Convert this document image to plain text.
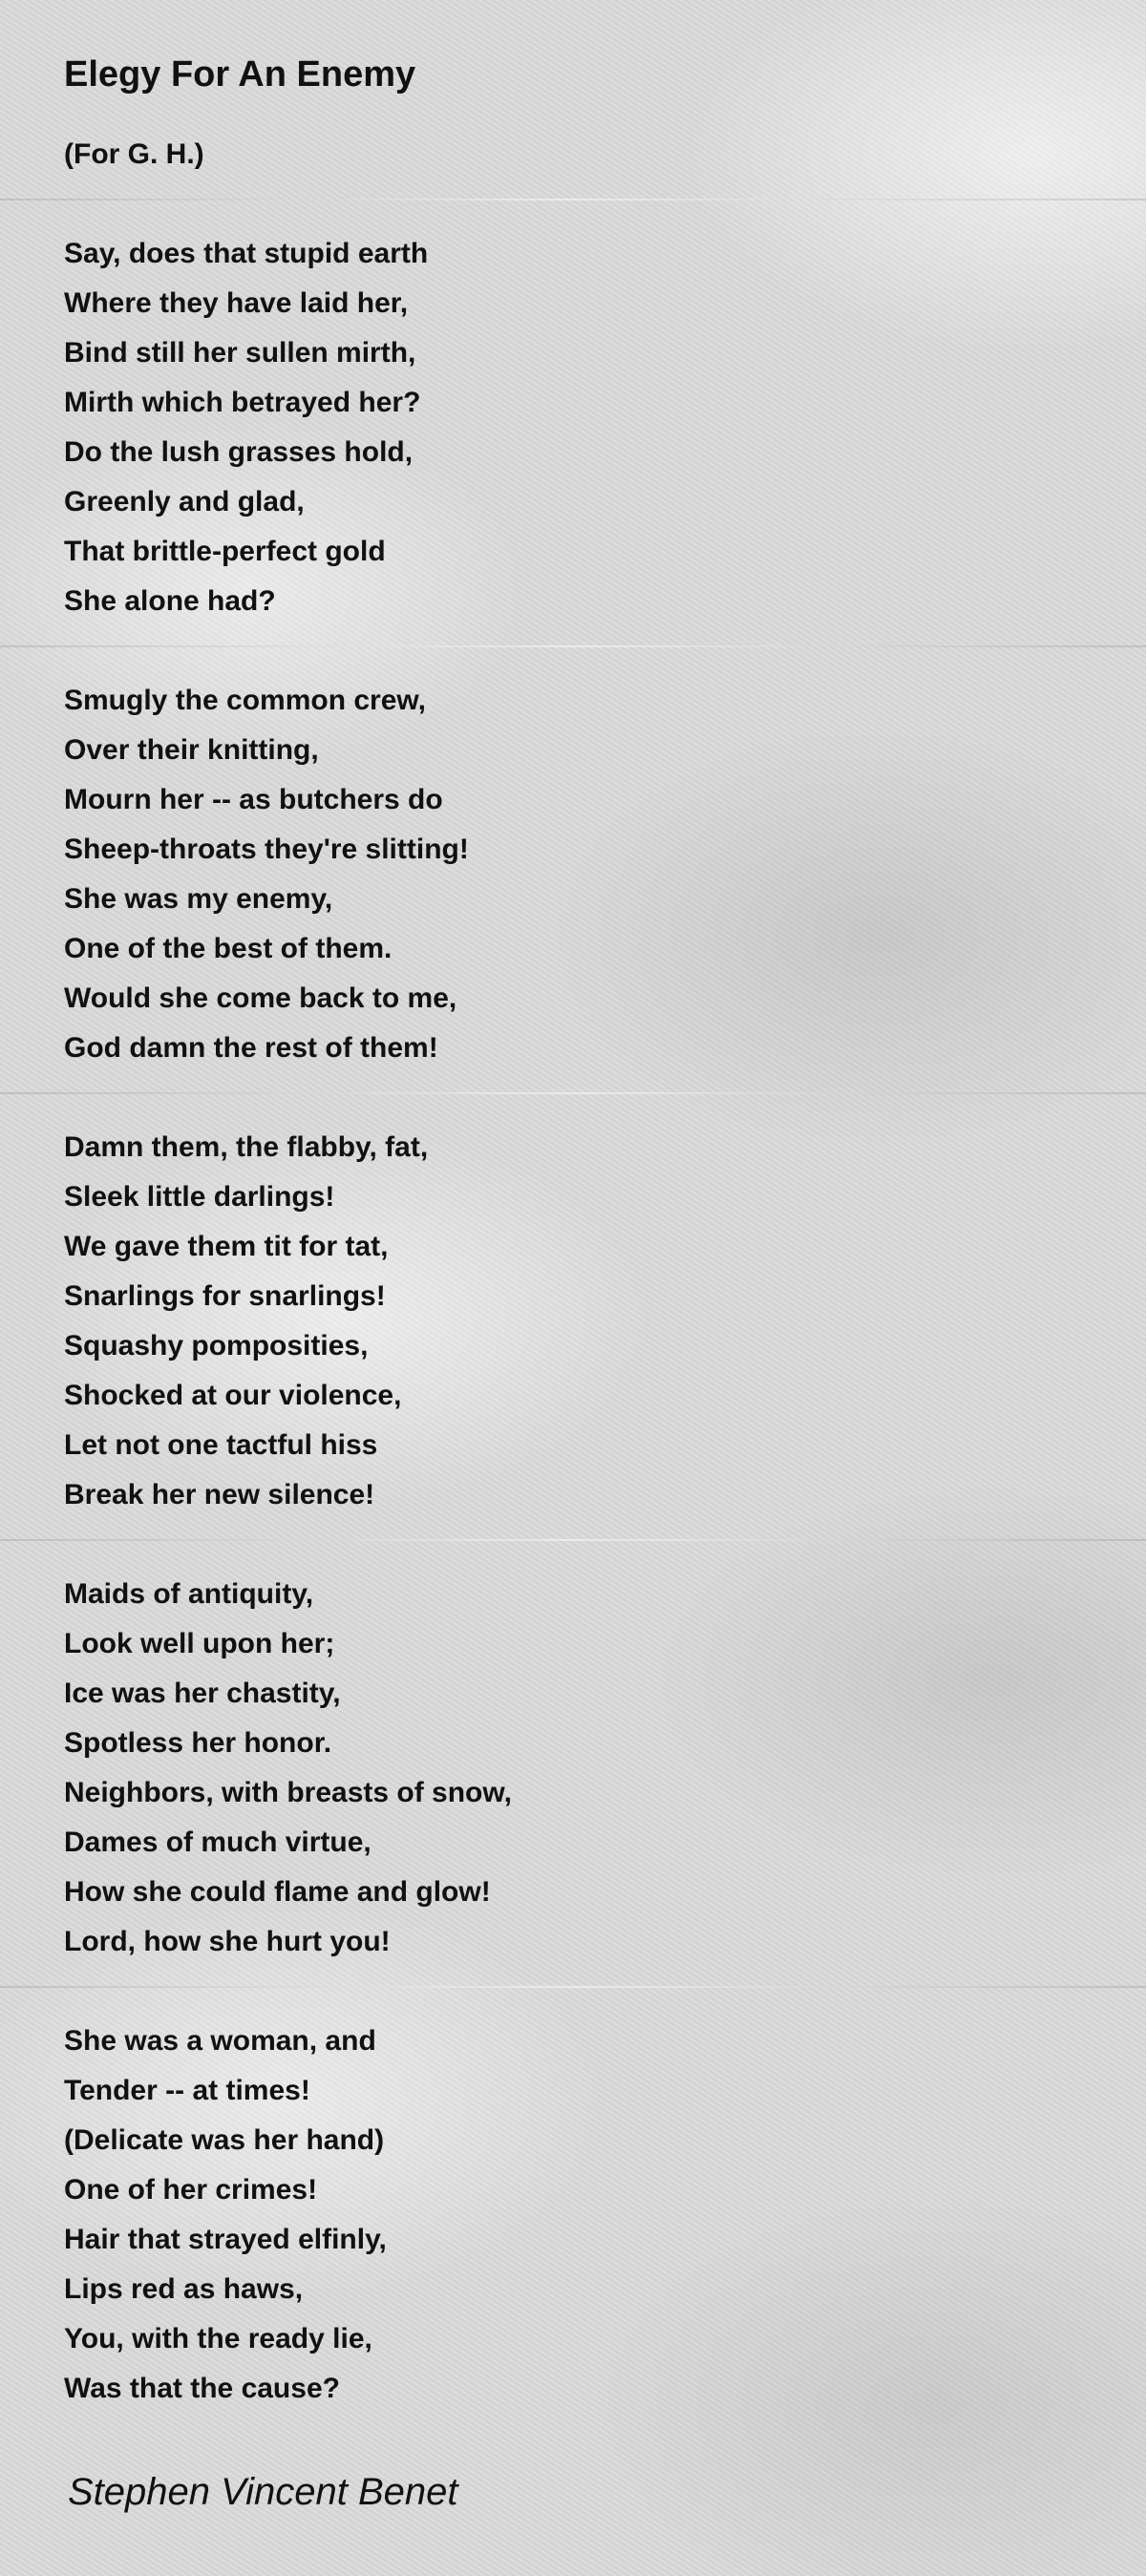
Elegy For An Enemy
(For G. H.)
Say, does that stupid earth
Where they have laid her,
Bind still her sullen mirth,
Mirth which betrayed her?
Do the lush grasses hold,
Greenly and glad,
That brittle-perfect gold
She alone had?
Smugly the common crew,
Over their knitting,
Mourn her -- as butchers do
Sheep-throats they're slitting!
She was my enemy,
One of the best of them.
Would she come back to me,
God damn the rest of them!
Damn them, the flabby, fat,
Sleek little darlings!
We gave them tit for tat,
Snarlings for snarlings!
Squashy pomposities,
Shocked at our violence,
Let not one tactful hiss
Break her new silence!
Maids of antiquity,
Look well upon her;
Ice was her chastity,
Spotless her honor.
Neighbors, with breasts of snow,
Dames of much virtue,
How she could flame and glow!
Lord, how she hurt you!
She was a woman, and
Tender -- at times!
(Delicate was her hand)
One of her crimes!
Hair that strayed elfinly,
Lips red as haws,
You, with the ready lie,
Was that the cause?
Stephen Vincent Benet
